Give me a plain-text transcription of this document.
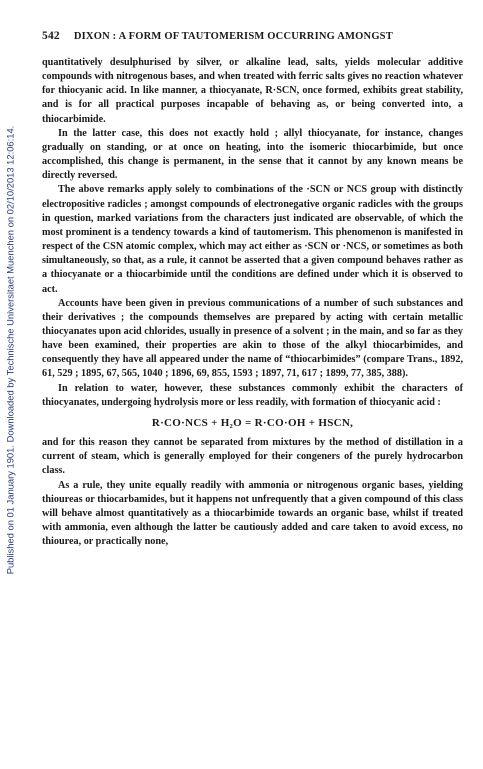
Published on 01 January 1901. Downloaded by Technische Universitaet Muenchen on 02/10/2013 12:06:14.
542 DIXON : A FORM OF TAUTOMERISM OCCURRING AMONGST

quantitatively desulphurised by silver, or alkaline lead, salts, yields molecular additive compounds with nitrogenous bases, and when treated with ferric salts gives no reaction whatever for thiocyanic acid. In like manner, a thiocyanate, R·SCN, once formed, exhibits great stability, and is for all practical purposes incapable of behaving as, or being converted into, a thiocarbimide.

In the latter case, this does not exactly hold ; allyl thiocyanate, for instance, changes gradually on standing, or at once on heating, into the isomeric thiocarbimide, but once accomplished, this change is permanent, in the sense that it cannot by any known means be directly reversed.

The above remarks apply solely to combinations of the ·SCN or NCS group with distinctly electropositive radicles ; amongst compounds of electronegative organic radicles with the groups in question, marked variations from the characters just indicated are observable, of which the most prominent is a tendency towards a kind of tautomerism. This phenomenon is manifested in respect of the CSN atomic complex, which may act either as ·SCN or ·NCS, or sometimes as both simultaneously, so that, as a rule, it cannot be asserted that a given compound behaves rather as a thiocyanate or a thiocarbimide until the conditions are defined under which it is observed to act.

Accounts have been given in previous communications of a number of such substances and their derivatives ; the compounds themselves are prepared by acting with certain metallic thiocyanates upon acid chlorides, usually in presence of a solvent ; in the main, and so far as they have been examined, their properties are akin to those of the alkyl thiocarbimides, and consequently they have all appeared under the name of “thiocarbimides” (compare Trans., 1892, 61, 529 ; 1895, 67, 565, 1040 ; 1896, 69, 855, 1593 ; 1897, 71, 617 ; 1899, 77, 385, 388).

In relation to water, however, these substances commonly exhibit the characters of thiocyanates, undergoing hydrolysis more or less readily, with formation of thiocyanic acid :

R·CO·NCS + H₂O = R·CO·OH + HSCN,

and for this reason they cannot be separated from mixtures by the method of distillation in a current of steam, which is generally employed for their congeners of the purely hydrocarbon class.

As a rule, they unite equally readily with ammonia or nitrogenous organic bases, yielding thioureas or thiocarbamides, but it happens not unfrequently that a given compound of this class will behave almost quantitatively as a thiocarbimide towards an organic base, whilst if treated with ammonia, even although the latter be cautiously added and care taken to avoid excess, no thiourea, or practically none,
